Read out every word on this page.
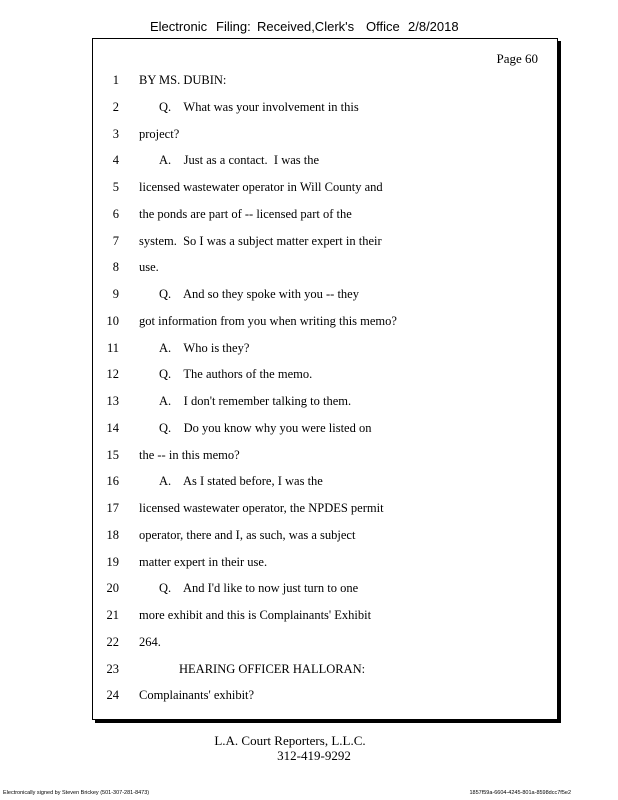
Electronic Filing: Received,Clerk's Office 2/8/2018
Page 60
1 BY MS. DUBIN:
2	Q.    What was your involvement in this
3 project?
4	A.    Just as a contact.  I was the
5 licensed wastewater operator in Will County and
6 the ponds are part of -- licensed part of the
7 system.  So I was a subject matter expert in their
8 use.
9	Q.    And so they spoke with you -- they
10 got information from you when writing this memo?
11	A.    Who is they?
12	Q.    The authors of the memo.
13	A.    I don't remember talking to them.
14	Q.    Do you know why you were listed on
15 the -- in this memo?
16	A.    As I stated before, I was the
17 licensed wastewater operator, the NPDES permit
18 operator, there and I, as such, was a subject
19 matter expert in their use.
20	Q.    And I'd like to now just turn to one
21 more exhibit and this is Complainants' Exhibit
22 264.
23	HEARING OFFICER HALLORAN:
24 Complainants' exhibit?
L.A. Court Reporters, L.L.C.
312-419-9292
Electronically signed by Steven Brickey (501-307-281-8473)	1857f59a-6604-4245-801a-8598dcc7f5e2
